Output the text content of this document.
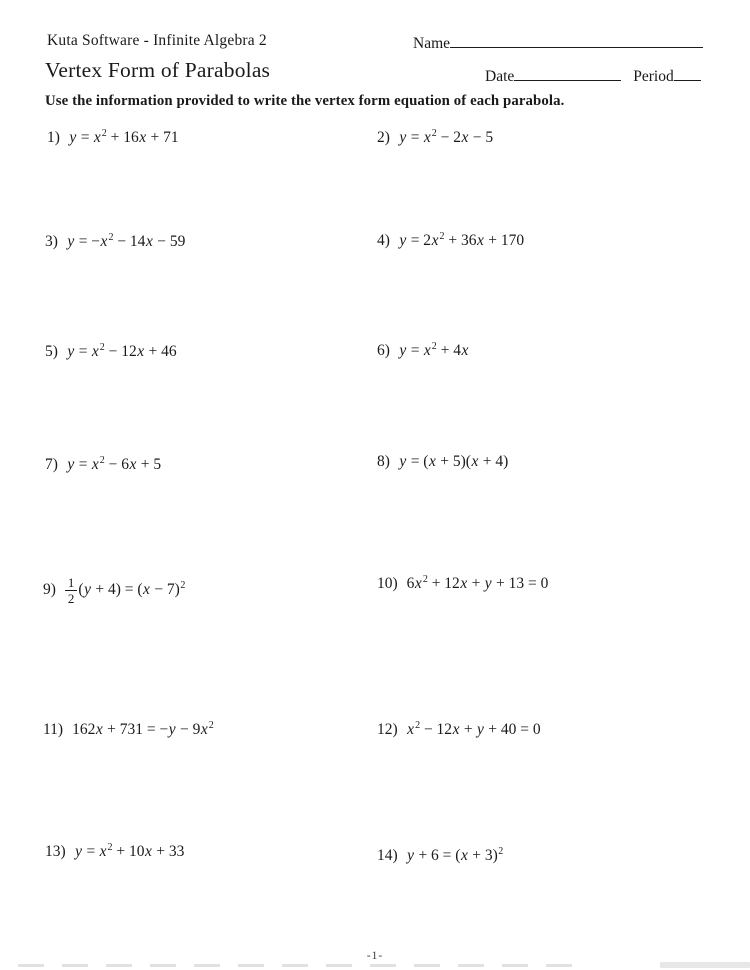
Kuta Software - Infinite Algebra 2	Name
Vertex Form of Parabolas	Date	Period
Use the information provided to write the vertex form equation of each parabola.
1) $y = x^2 + 16x + 71$	2) $y = x^2 - 2x - 5$
3) $y = -x^2 - 14x - 59$	4) $y = 2x^2 + 36x + 170$
5) $y = x^2 - 12x + 46$	6) $y = x^2 + 4x$
7) $y = x^2 - 6x + 5$	8) y = (x + 5)(x + 4)
$9) \frac{1}{2} (y + 4) = (x - 7)^2$	10) $6x^2 + 12x + y + 13 = 0$
11) $162x + 731 = -y - 9x^2$	12) $x^2 - 12x + y + 40 = 0$
13) $y = x^2 + 10x + 33$	14) $y + 6 = (x + 3)^2$
-1-
